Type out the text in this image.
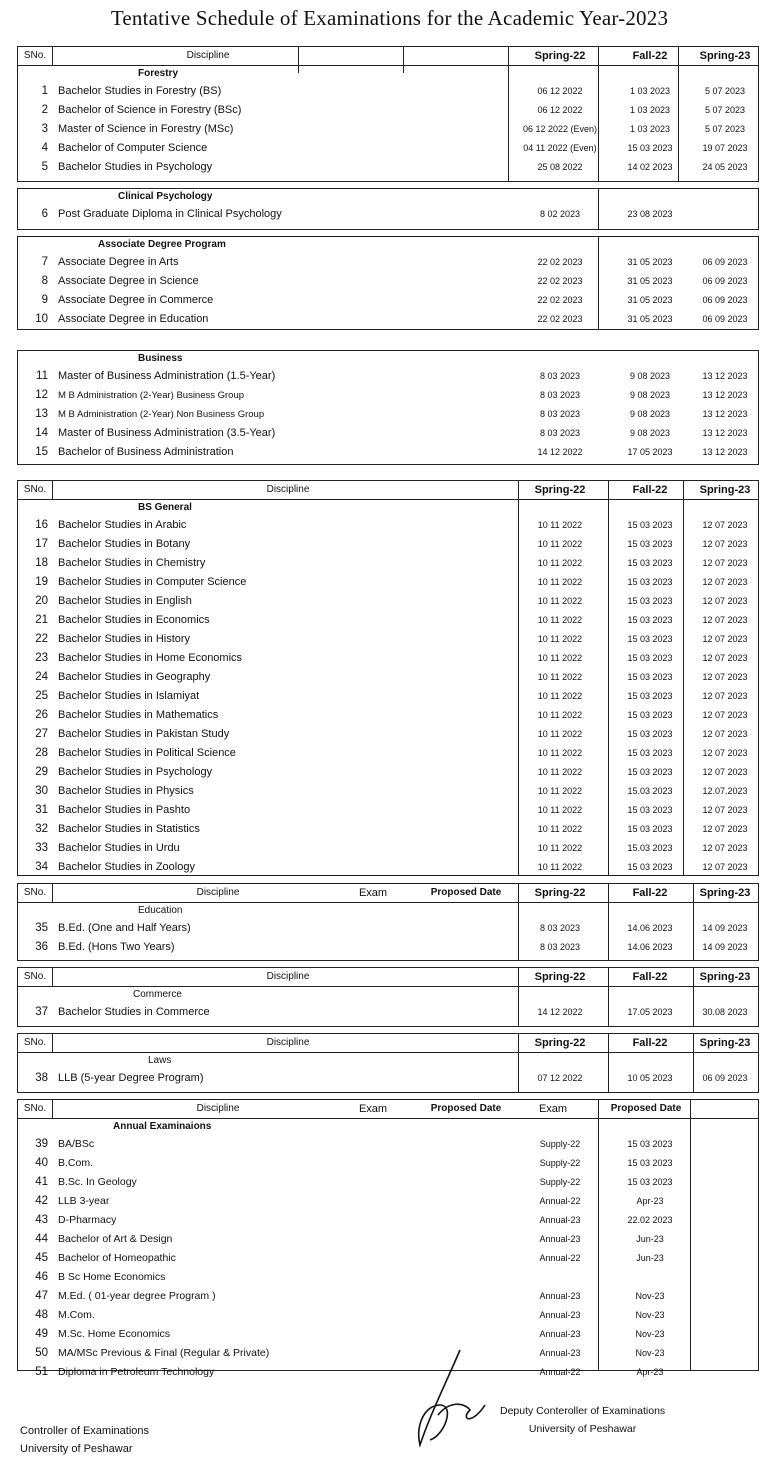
Tentative Schedule of Examinations for the Academic Year-2023
SNo.	Discipline	Spring-22	Fall-22	Spring-23
Forestry
1 Bachelor Studies in Forestry (BS)	06 12 2022	1 03 2023	5 07 2023
2 Bachelor of Science in Forestry (BSc)	06 12 2022	1 03 2023	5 07 2023
3 Master of Science in Forestry (MSc)	06 12 2022 (Even)	1 03 2023	5 07 2023
4 Bachelor of Computer Science	04 11 2022 (Even)	15 03 2023	19 07 2023
5 Bachelor Studies in Psychology	25 08 2022	14 02 2023	24 05 2023
Clinical Psychology
6 Post Graduate Diploma in Clinical Psychology	8 02 2023	23 08 2023
Associate Degree Program
7 Associate Degree in Arts	22 02 2023	31 05 2023	06 09 2023
8 Associate Degree in Science	22 02 2023	31 05 2023	06 09 2023
9 Associate Degree in Commerce	22 02 2023	31 05 2023	06 09 2023
10 Associate Degree in Education	22 02 2023	31 05 2023	06 09 2023
Business
11 Master of Business Administration (1.5-Year)	8 03 2023	9 08 2023	13 12 2023
12 M B Administration (2-Year) Business Group	8 03 2023	9 08 2023	13 12 2023
13 M B Administration (2-Year) Non Business Group	8 03 2023	9 08 2023	13 12 2023
14 Master of Business Administration (3.5-Year)	8 03 2023	9 08 2023	13 12 2023
15 Bachelor of Business Administration	14 12 2022	17 05 2023	13 12 2023
SNo.	Discipline	Spring-22	Fall-22	Spring-23
BS General
16 Bachelor Studies in Arabic	10 11 2022	15 03 2023	12 07 2023
17 Bachelor Studies in Botany	10 11 2022	15 03 2023	12 07 2023
18 Bachelor Studies in Chemistry	10 11 2022	15 03 2023	12 07 2023
19 Bachelor Studies in Computer Science	10 11 2022	15 03 2023	12 07 2023
20 Bachelor Studies in English	10 11 2022	15 03 2023	12 07 2023
21 Bachelor Studies in Economics	10 11 2022	15 03 2023	12 07 2023
22 Bachelor Studies in History	10 11 2022	15 03 2023	12 07 2023
23 Bachelor Studies in Home Economics	10 11 2022	15 03 2023	12 07 2023
24 Bachelor Studies in Geography	10 11 2022	15 03 2023	12 07 2023
25 Bachelor Studies in Islamiyat	10 11 2022	15 03 2023	12 07 2023
26 Bachelor Studies in Mathematics	10 11 2022	15 03 2023	12 07 2023
27 Bachelor Studies in Pakistan Study	10 11 2022	15 03 2023	12 07 2023
28 Bachelor Studies in Political Science	10 11 2022	15 03 2023	12 07 2023
29 Bachelor Studies in Psychology	10 11 2022	15 03 2023	12 07 2023
30 Bachelor Studies in Physics	10 11 2022	15.03 2023	12.07.2023
31 Bachelor Studies in Pashto	10 11 2022	15 03 2023	12 07 2023
32 Bachelor Studies in Statistics	10 11 2022	15 03 2023	12 07 2023
33 Bachelor Studies in Urdu	10 11 2022	15.03 2023	12 07 2023
34 Bachelor Studies in Zoology	10 11 2022	15 03 2023	12 07 2023
SNo.	Discipline	Exam	Proposed Date	Spring-22	Fall-22	Spring-23
Education
35 B.Ed. (One and Half Years)	8 03 2023	14.06 2023	14 09 2023
36 B.Ed. (Hons Two Years)	8 03 2023	14.06 2023	14 09 2023
SNo.	Discipline	Spring-22	Fall-22	Spring-23
Commerce
37 Bachelor Studies in Commerce	14 12 2022	17.05 2023	30.08 2023
SNo.	Discipline	Spring-22	Fall-22	Spring-23
Laws
38 LLB (5-year Degree Program)	07 12 2022	10 05 2023	06 09 2023
SNo.	Discipline	Exam	Proposed Date	Exam	Proposed Date
Annual Examinaions
39 BA/BSc	Supply-22	15 03 2023
40 B.Com.	Supply-22	15 03 2023
41 B.Sc. In Geology	Supply-22	15 03 2023
42 LLB 3-year	Annual-22	Apr-23
43 D-Pharmacy	Annual-23	22.02 2023
44 Bachelor of Art & Design	Annual-23	Jun-23
45 Bachelor of Homeopathic	Annual-22	Jun-23
46 B Sc Home Economics
47 M.Ed. ( 01-year degree Program )	Annual-23	Nov-23
48 M.Com.	Annual-23	Nov-23
49 M.Sc. Home Economics	Annual-23	Nov-23
50 MA/MSc Previous & Final (Regular & Private)	Annual-23	Nov-23
51 Diploma in Petroleum Technology	Annual-22	Apr-23
Controller of Examinations
University of Peshawar
Deputy Conteroller of Examinations
University of Peshawar
